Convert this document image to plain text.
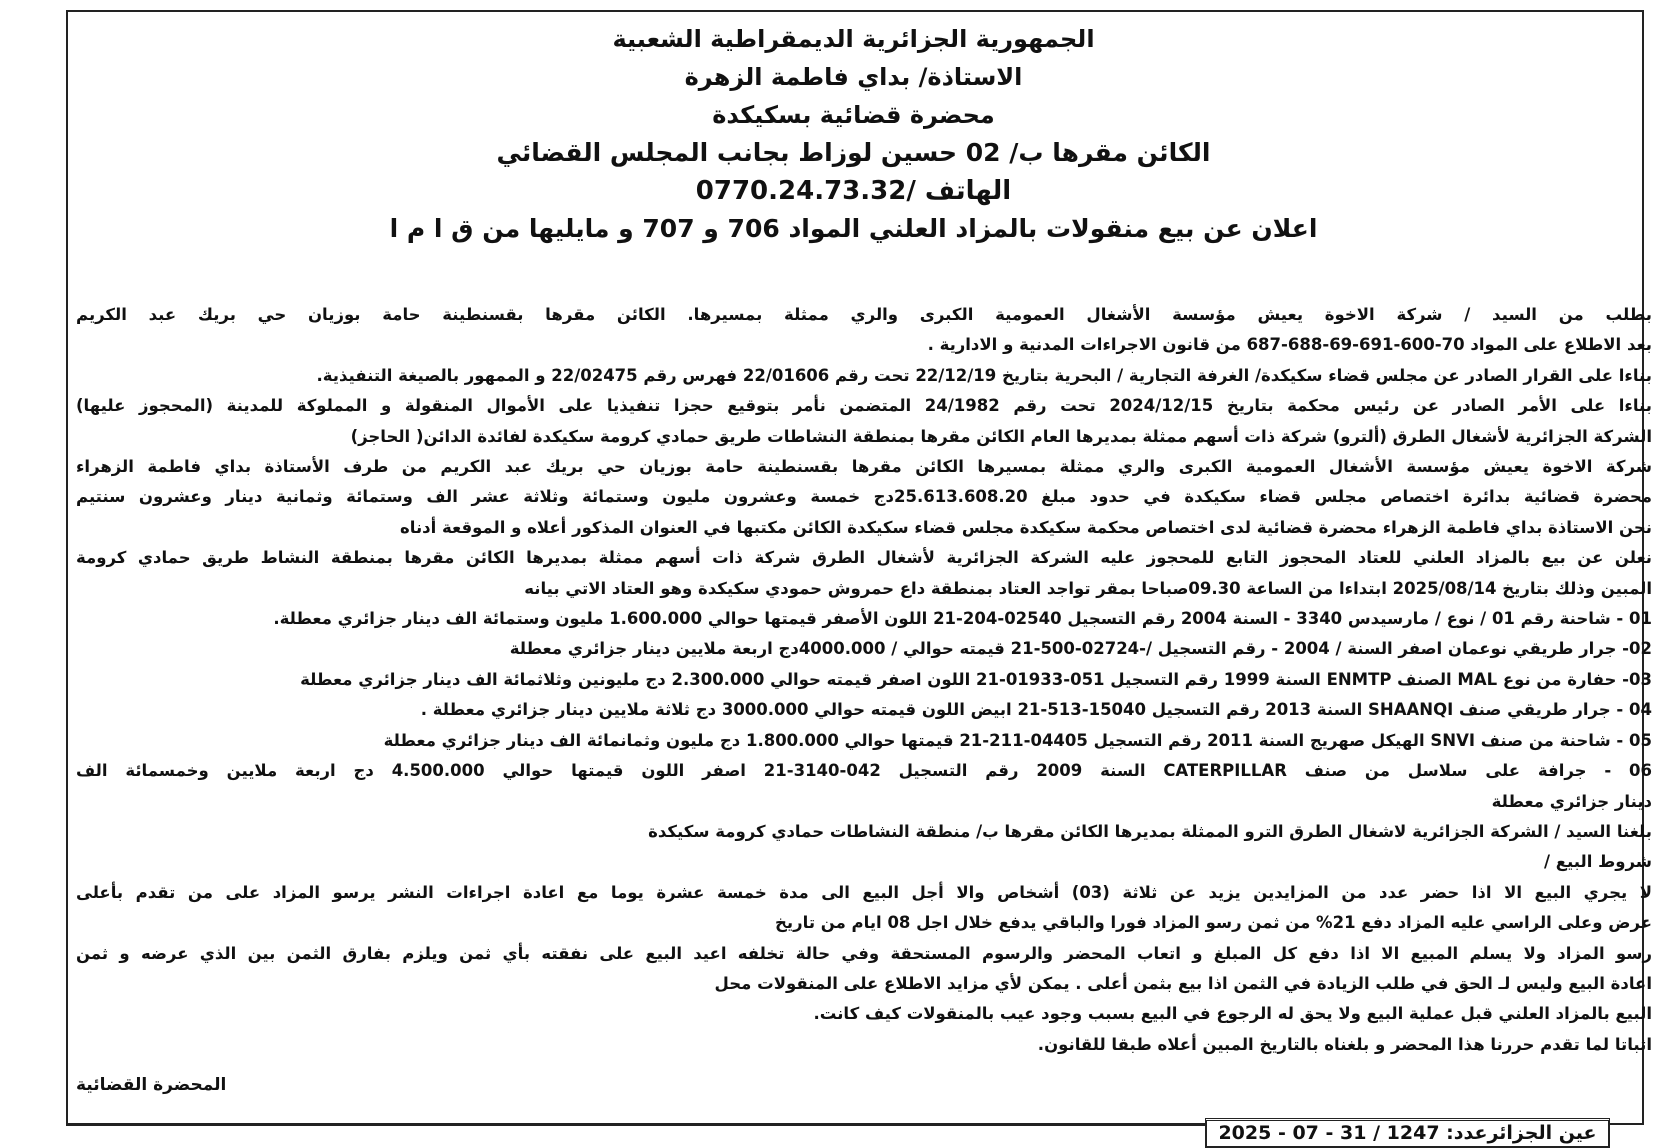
الجمهورية الجزائرية الديمقراطية الشعبية
الاستاذة/ بداي فاطمة الزهرة
محضرة قضائية بسكيكدة
الكائن مقرها ب/ 02 حسين لوزاط بجانب المجلس القضائي
الهاتف /0770.24.73.32
اعلان عن بيع منقولات بالمزاد العلني المواد 706 و 707 و مايليها من ق ا م ا
بطلب من السيد / شركة الاخوة يعيش مؤسسة الأشغال العمومية الكبرى والري ممثلة بمسيرها. الكائن مقرها بقسنطينة حامة بوزيان حي بريك عبد الكريم
بعد الاطلاع على المواد 70-600-691-69-688-687 من قانون الاجراءات المدنية و الادارية .
بناءا على القرار الصادر عن مجلس قضاء سكيكدة/ الغرفة التجارية / البحرية بتاريخ 22/12/19 تحت رقم 22/01606 فهرس رقم 22/02475 و الممهور بالصيغة التنفيذية.
بناءا على الأمر الصادر عن رئيس محكمة بتاريخ 2024/12/15 تحت رقم 24/1982 المتضمن نأمر بتوقيع حجزا تنفيذيا على الأموال المنقولة و المملوكة للمدينة (المحجوز عليها)
الشركة الجزائرية لأشغال الطرق (ألترو) شركة ذات أسهم ممثلة بمديرها العام الكائن مقرها بمنطقة النشاطات طريق حمادي كرومة سكيكدة لفائدة الدائن( الحاجز)
شركة الاخوة يعيش مؤسسة الأشغال العمومية الكبرى والري ممثلة بمسيرها الكائن مقرها بقسنطينة حامة بوزيان حي بريك عبد الكريم من طرف الأستاذة بداي فاطمة الزهراء
محضرة قضائية بدائرة اختصاص مجلس قضاء سكيكدة في حدود مبلغ 25.613.608.20دج خمسة وعشرون مليون وستمائة وثلاثة عشر الف وستمائة وثمانية دينار وعشرون سنتيم
نحن الاستاذة بداي فاطمة الزهراء محضرة قضائية لدى اختصاص محكمة سكيكدة مجلس قضاء سكيكدة الكائن مكتبها في العنوان المذكور أعلاه و الموقعة أدناه
نعلن عن بيع بالمزاد العلني للعتاد المحجوز التابع للمحجوز عليه الشركة الجزائرية لأشغال الطرق شركة ذات أسهم ممثلة بمديرها الكائن مقرها بمنطقة النشاط طريق حمادي كرومة
المبين وذلك بتاريخ 2025/08/14 ابتداءا من الساعة 09.30صباحا بمقر تواجد العتاد بمنطقة داع حمروش حمودي سكيكدة وهو العتاد الاتي بيانه
01 - شاحنة رقم 01 / نوع / مارسيدس 3340 - السنة 2004 رقم التسجيل 02540-204-21 اللون الأصفر قيمتها حوالي 1.600.000 مليون وستمائة الف دينار جزائري معطلة.
02- جرار طريقي نوعمان اصفر السنة / 2004 - رقم التسجيل /-02724-500-21 قيمته حوالي / 4000.000دج اربعة ملايين دينار جزائري معطلة
03- حفارة من نوع MAL الصنف ENMTP السنة 1999 رقم التسجيل 051-01933-21 اللون اصفر قيمته حوالي 2.300.000 دج مليونين وثلاثمائة الف دينار جزائري معطلة
04 - جرار طريقي صنف SHAANQI السنة 2013 رقم التسجيل 15040-513-21 ابيض اللون قيمته حوالي 3000.000 دج ثلاثة ملايين دينار جزائري معطلة .
05 - شاحنة من صنف SNVI الهيكل صهريج السنة 2011 رقم التسجيل 04405-211-21 قيمتها حوالي 1.800.000 دج مليون وثمانمائة الف دينار جزائري معطلة
06 - جرافة على سلاسل من صنف CATERPILLAR السنة 2009 رقم التسجيل 042-3140-21 اصفر اللون قيمتها حوالي 4.500.000 دج اربعة ملايين وخمسمائة الف
دينار جزائري معطلة
بلغنا السيد / الشركة الجزائرية لاشغال الطرق الترو الممثلة بمديرها الكائن مقرها ب/ منطقة النشاطات حمادي كرومة سكيكدة
شروط البيع /
لا يجري البيع الا اذا حضر عدد من المزايدين يزيد عن ثلاثة (03) أشخاص والا أجل البيع الى مدة خمسة عشرة يوما مع اعادة اجراءات النشر يرسو المزاد على من تقدم بأعلى
عرض وعلى الراسي عليه المزاد دفع 21% من ثمن رسو المزاد فورا والباقي يدفع خلال اجل 08 ايام من تاريخ
رسو المزاد ولا يسلم المبيع الا اذا دفع كل المبلغ و اتعاب المحضر والرسوم المستحقة وفي حالة تخلفه اعيد البيع على نفقته بأي ثمن ويلزم بفارق الثمن بين الذي عرضه و ثمن
اعادة البيع وليس لـ الحق في طلب الزيادة في الثمن اذا بيع بثمن أعلى . يمكن لأي مزايد الاطلاع على المنقولات محل
البيع بالمزاد العلني قبل عملية البيع ولا يحق له الرجوع في البيع بسبب وجود عيب بالمنقولات كيف كانت.
اثباتا لما تقدم حررنا هذا المحضر و بلغناه بالتاريخ المبين أعلاه طبقا للقانون.
المحضرة القضائية
عين الجزائرعدد: 1247 / 31 - 07 - 2025
